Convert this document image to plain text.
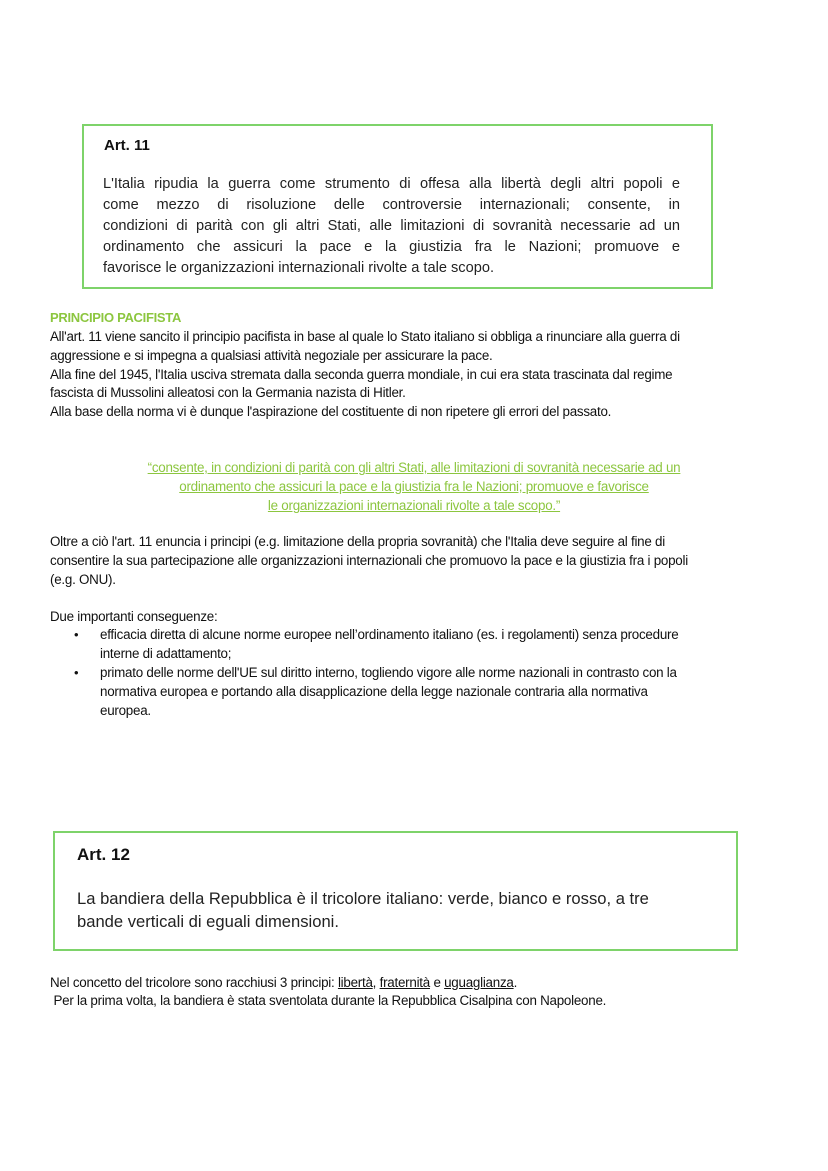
Art. 11
L'Italia ripudia la guerra come strumento di offesa alla libertà degli altri popoli e
come mezzo di risoluzione delle controversie internazionali; consente, in
condizioni di parità con gli altri Stati, alle limitazioni di sovranità necessarie ad un
ordinamento che assicuri la pace e la giustizia fra le Nazioni; promuove e
favorisce le organizzazioni internazionali rivolte a tale scopo.
PRINCIPIO PACIFISTA
All'art. 11 viene sancito il principio pacifista in base al quale lo Stato italiano si obbliga a rinunciare alla guerra di
aggressione e si impegna a qualsiasi attività negoziale per assicurare la pace.
Alla fine del 1945, l'Italia usciva stremata dalla seconda guerra mondiale, in cui era stata trascinata dal regime
fascista di Mussolini alleatosi con la Germania nazista di Hitler.
Alla base della norma vi è dunque l'aspirazione del costituente di non ripetere gli errori del passato.
“consente, in condizioni di parità con gli altri Stati, alle limitazioni di sovranità necessarie ad un
ordinamento che assicuri la pace e la giustizia fra le Nazioni; promuove e favorisce
le organizzazioni internazionali rivolte a tale scopo.”
Oltre a ciò l'art. 11 enuncia i principi (e.g. limitazione della propria sovranità) che l'Italia deve seguire al fine di
consentire la sua partecipazione alle organizzazioni internazionali che promuovo la pace e la giustizia fra i popoli
(e.g. ONU).
Due importanti conseguenze:
• efficacia diretta di alcune norme europee nell’ordinamento italiano (es. i regolamenti) senza procedure
interne di adattamento;
• primato delle norme dell'UE sul diritto interno, togliendo vigore alle norme nazionali in contrasto con la
normativa europea e portando alla disapplicazione della legge nazionale contraria alla normativa
europea.
Art. 12
La bandiera della Repubblica è il tricolore italiano: verde, bianco e rosso, a tre
bande verticali di eguali dimensioni.
Nel concetto del tricolore sono racchiusi 3 principi: libertà, fraternità e uguaglianza.
Per la prima volta, la bandiera è stata sventolata durante la Repubblica Cisalpina con Napoleone.
